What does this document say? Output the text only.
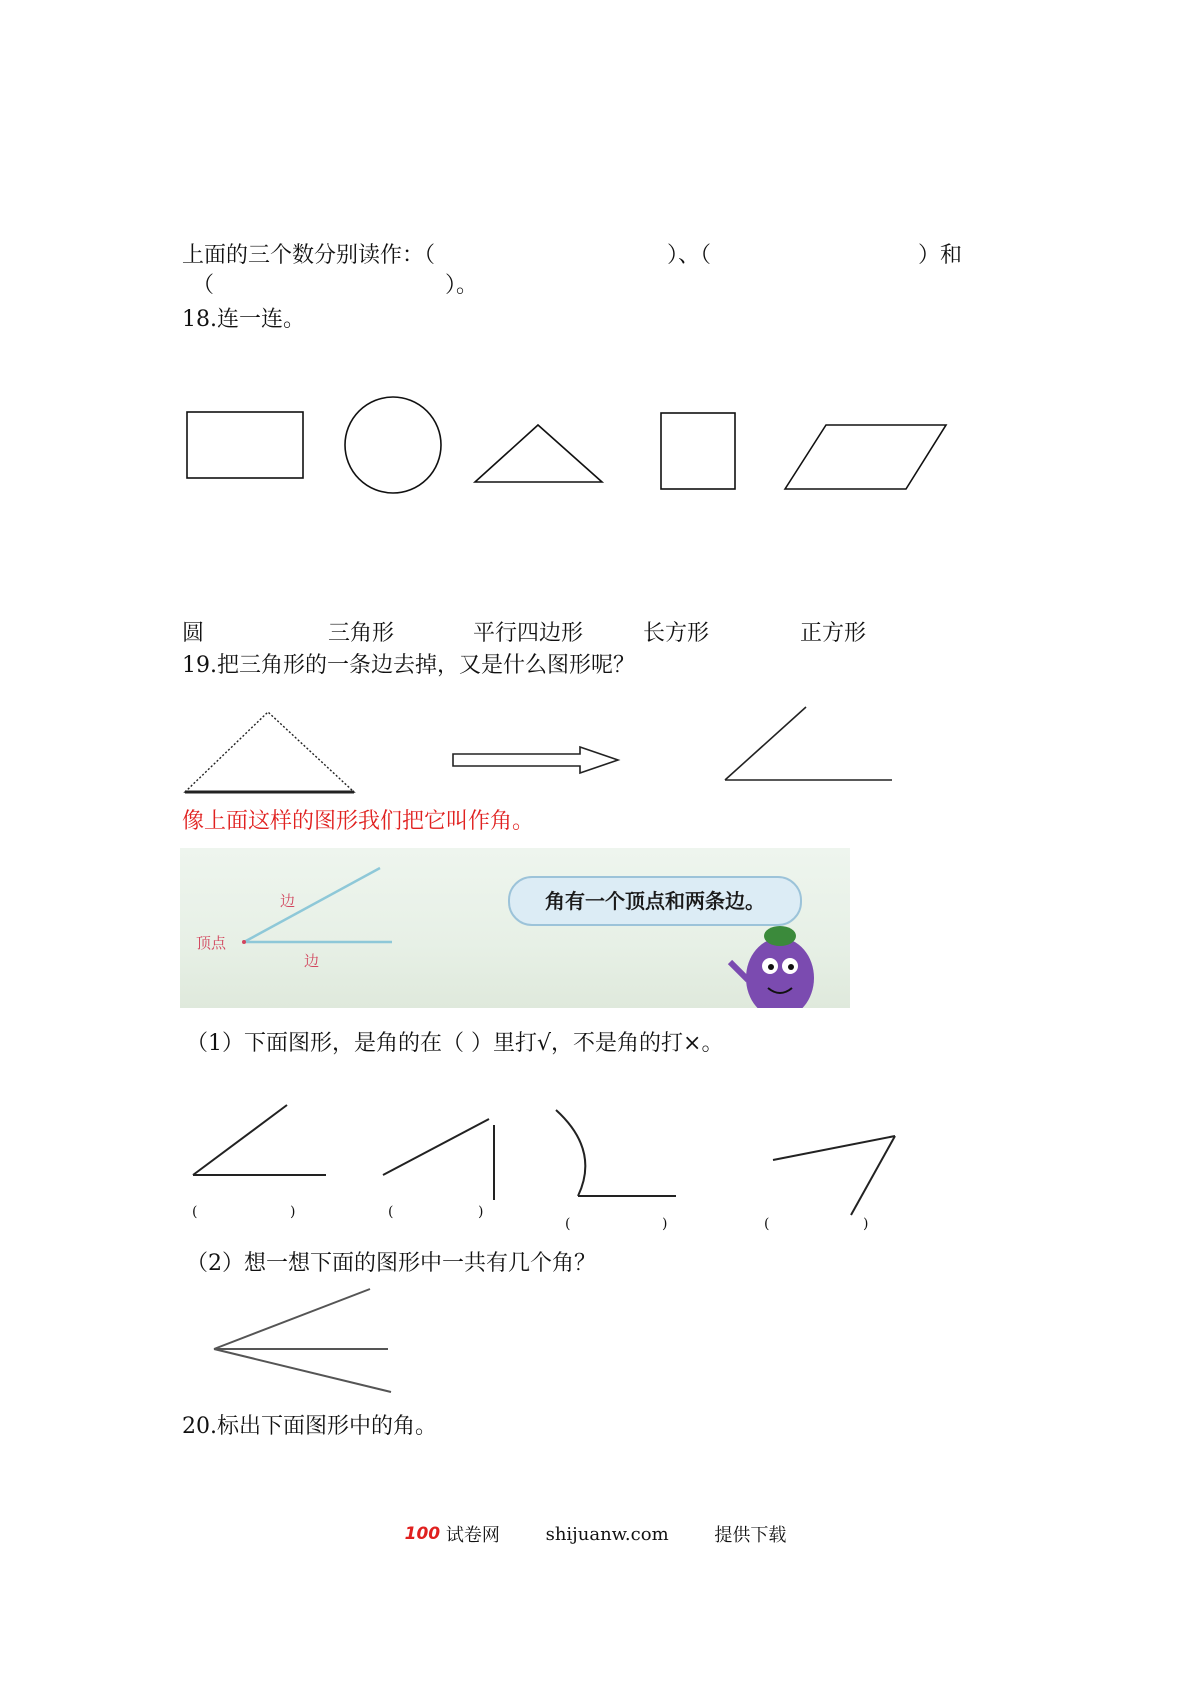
上面的三个数分别读作：（	）、（	）和
（	）。
18.连一连。
圆	三角形	平行四边形	长方形	正方形
19.把三角形的一条边去掉，又是什么图形呢？
像上面这样的图形我们把它叫作角。
边
边
顶点
角有一个顶点和两条边。
（1）下面图形，是角的在（ ）里打√，不是角的打×。
(	)	(	)
(	)	(	)
（2）想一想下面的图形中一共有几个角？
20.标出下面图形中的角。
100 试卷网	shijuanw.com	提供下载
